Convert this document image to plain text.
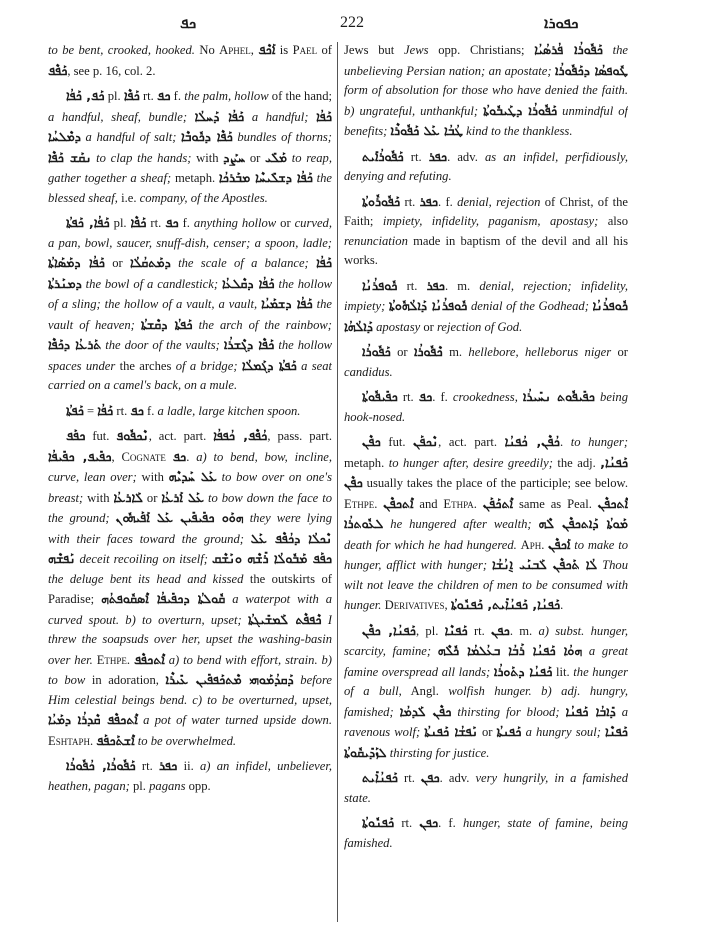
ܟܦ	222	ܟܦܘܪܐ

to be bent, crooked, hooked. No Aphel, ܐܰܟܶܦ is Pael of ܟܰܦܶܦ, see p. 16, col. 2.

ܟܰܦ, ܟܰܦܳܐ pl. ܟܰܦܶܐ rt. ܟܦ f. the palm, hollow of the hand; a handful, sheaf, bundle; ܟܰܦܳܐ ܕܰܚܠܳܐ a handful; ܟܰܦܳܐ ܕܡܶܠܚܳܐ a handful of salt; ܟܰܦܶܐ ܕܟܽܘܒܶܐ bundles of thorns; ܢܩܰܫ ܟܰܦܶܐ to clap the hands; with ܚܨܰܕ or ܡܰܠܺܝ to reap, gather together a sheaf; metaph. ܟܰܦܳܐ ܕܫܠܺܝܚܶܐ ܡܒܰܪܟܳܐ the blessed sheaf, i.e. company, of the Apostles.

ܟܰܦܳܐ, ܟܰܦܬܳܐ pl. ܟܰܦܶܐ rt. ܟܦ f. anything hollow or curved, a pan, bowl, saucer, snuff-dish, censer; a spoon, ladle; ܟܰܦܳܐ ܕܡܰܣܰܐܬܳܐ or ܕܡܰܬܩܳܠܳܐ the scale of a balance; ܟܰܦܳܐ ܕܡܢܰܪܬܳܐ the bowl of a candlestick; ܟܰܦܳܐ ܕܩܶܠܥܳܐ the hollow of a sling; the hollow of a vault, a vault, ܟܰܦܳܐ ܕܫܡܰܝܳܐ the vault of heaven; ܟܰܦܬܳܐ ܕܩܶܫܬܳܐ the arch of the rainbow; ܬܰܪܥܳܐ ܕܟܰܦܶܐ the door of the vaults; ܟܰܦܶܐ ܕܓܶܫܪܳܐ the hollow spaces under the arches of a bridge; ܟܰܦܬܳܐ ܕܓܰܡܠܳܐ a seat carried on a camel's back, on a mule.

ܟܰܦܬܳܐ = ܟܰܦܳܐ rt. ܟܦ f. a ladle, large kitchen spoon.

ܟܦܰܦ fut. ܢܶܟܦܽܘܦ, act. part. ܟܳܦܶܦ, ܟܳܦܦܳܐ, pass. part. ܟܦܺܝܦ, ܟܦܺܝܦܳܐ, Cognate ܟܦ. a) to bend, bow, incline, curve, lean over; with ܥܰܠ ܚܰܕܝܶܗ to bow over on one's breast; with ܠܰܐܪܥܳܐ or ܥܰܠ ܐܰܪܥܳܐ to bow down the face to the ground; ܗܘܰܘ ܟܦܺܝܦܺܝܢ ܥܰܠ ܐܰܦܰܝܗܽܘܢ they were lying with their faces toward the ground; ܢܶܟܠܳܐ ܕܟܳܦܶܦ ܥܰܠ ܢܰܦܫܶܗ deceit recoiling on itself; ܟܦܰܦ ܡܰܒܽܘܠܳܐ ܪܺܫܶܗ ܘܢܰܫܶܩ the deluge bent its head and kissed the outskirts of Paradise; ܩܽܘܠܬܳܐ ܕܟܦܺܝܦܳܐ ܐܶܣܩܽܘܦܬܳܗ a waterpot with a curved spout. b) to overturn, upset; ܟܶܦܦܶܬ ܠܰܡܫܺܝܓܬܳܐ I threw the soapsuds over her, upset the washing-basin over her. Ethpe. ܐܶܬܟܦܶܦ a) to bend with effort, strain. b) to bow in adoration, ܕܰܩܕܳܡܰܘܗܝ ܡܶܬܟܰܦܦܺܝܢ ܥܺܝܪܶܐ before Him celestial beings bend. c) to be overturned, upset, ܐܶܬܟܦܶܦ ܩܶܕܪܳܐ ܕܡܰܝܳܐ a pot of water turned upside down. Eshtaph. ܐܶܫܬܰܟܦܰܦ to be overwhelmed.

ܟܰܦܽܘܪܳܐ, ܟܳܦܽܘܪܳܐ rt. ܟܦܪ ii. a) an infidel, unbeliever, heathen, pagan; pl. pagans opp.

Jews but Jews opp. Christians; ܟܰܦܽܘܪܳܐ ܦܳܪܣܳܝܳܐ the unbelieving Persian nation; an apostate; ܛܽܘܦܣܳܐ ܕܟܰܦܽܘܪܳܐ form of absolution for those who have denied the faith. b) ungrateful, unthankful; ܟܰܦܽܘܪܳܐ ܕܛܰܝܒܽܘܬܳܐ unmindful of benefits; ܛܳܒܳܐ ܥܰܠ ܟܰܦܽܘܪܶܐ kind to the thankless.

ܟܰܦܽܘܪܳܐܺܝܬ rt. ܟܦܪ. adv. as an infidel, perfidiously, denying and refuting.

ܟܰܦܽܘܪܽܘܬܳܐ rt. ܟܦܪ. f. denial, rejection of Christ, of the Faith; impiety, infidelity, paganism, apostasy; also renunciation made in baptism of the devil and all his works.

ܟܽܘܦܪܳܢܳܐ rt. ܟܦܪ. m. denial, rejection; infidelity, impiety; ܟܽܘܦܪܳܢܳܐ ܕܰܐܠܳܗܽܘܬܳܐ denial of the Godhead; ܟܽܘܦܪܳܢܳܐ ܕܰܐܠܳܗܳܐ apostasy or rejection of God.

ܟܰܦܽܘܪܳܐ or ܟܶܦܽܘܪܳܐ m. hellebore, helleborus niger or candidus.

ܟܦܺܝܦܽܘܬܳܐ rt. ܟܦ. f. crookedness, ܟܦܺܝܦܽܘܬ ܢܚܺܝܪܳܐ being hook-nosed.

ܟܦܶܢ fut. ܢܶܟܦܰܢ, act. part. ܟܳܦܶܢ, ܟܳܦܢܳܐ. to hunger; metaph. to hunger after, desire greedily; the adj. ܟܰܦܢܳܐ, ܟܦܶܢ usually takes the place of the participle; see below. Ethpe. ܐܶܬܟܦܶܢ and Ethpa. ܐܶܬܟܰܦܰܢ same as Peal. ܐܶܬܟܦܶܢ ܠܥܽܘܬܪܳܐ he hungered after wealth; ܡܰܘܬܳܐ ܕܰܐܬܟܦܶܢ ܠܶܗ death for which he had hungered. Aph. ܐܰܟܦܶܢ to make to hunger, afflict with hunger; ܠܳܐ ܬܰܟܦܶܢ ܠܰܒܢܰܝ ܐ݈ܢܳܫܳܐ Thou wilt not leave the children of men to be consumed with hunger. Derivatives, ܟܰܦܢܳܐ, ܟܰܦܢܳܐܺܝܬ, ܟܰܦܢܽܘܬܳܐ.

ܟܰܦܢܳܐ, ܟܦܶܢ, pl. ܟܰܦܢܶܐ rt. ܟܦܢ. m. a) subst. hunger, scarcity, famine; ܗܘܳܐ ܟܰܦܢܳܐ ܪܰܒܳܐ ܒܥܳܠܡܳܐ ܟܽܠܶܗ a great famine overspread all lands; ܟܰܦܢܳܐ ܕܬܰܘܪܳܐ lit. the hunger of a bull, Angl. wolfish hunger. b) adj. hungry, famished; ܟܦܶܢ ܠܰܕܡܳܐ thirsting for blood; ܕܺܐܒܳܐ ܟܰܦܢܳܐ a ravenous wolf; ܢܰܦܫܳܐ ܟܰܦܢܬܳܐ or ܟܰܦܢܬܳܐ a hungry soul; ܟܰܦܢܶܐ ܠܙܰܕܺܝܩܽܘܬܳܐ thirsting for justice.

ܟܰܦܢܳܐܺܝܬ rt. ܟܦܢ. adv. very hungrily, in a famished state.

ܟܰܦܢܽܘܬܳܐ rt. ܟܦܢ. f. hunger, state of famine, being famished.
